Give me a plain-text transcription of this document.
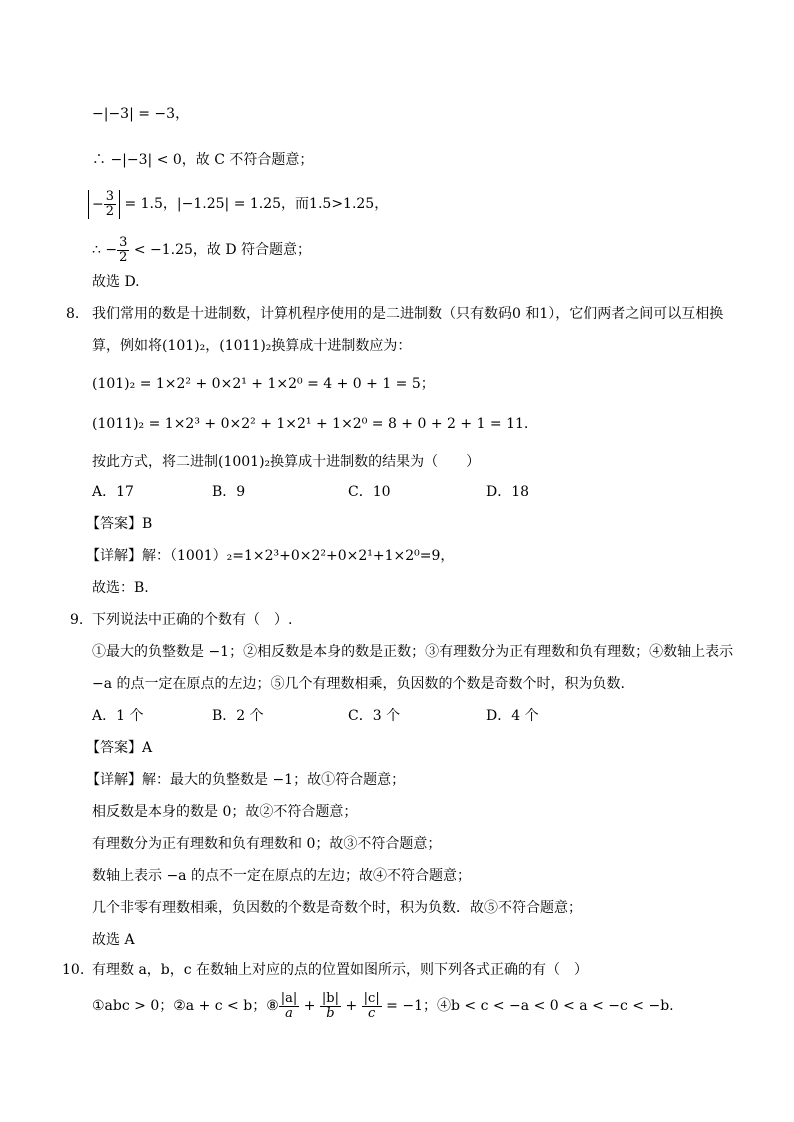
−|−3| = −3，
∴ −|−3| < 0，故 C 不符合题意；
− $\frac{3}{2} = 1.5$，|−1.25| = 1.25，而1.5>1.25，
∴ − $\frac{3}{2} < -1.25$，故 D 符合题意；
故选 D.
8. 我们常用的数是十进制数，计算机程序使用的是二进制数（只有数码0 和1），它们两者之间可以互相换
算，例如将(101)₂，(1011)₂换算成十进制数应为：
(101)₂ = 1×2² + 0×2¹ + 1×2⁰ = 4 + 0 + 1 = 5；
(1011)₂ = 1×2³ + 0×2² + 1×2¹ + 1×2⁰ = 8 + 0 + 2 + 1 = 11.
按此方式，将二进制(1001)₂换算成十进制数的结果为（　　）
A．17	B．9	C．10	D．18
【答案】B
【详解】解：（1001）₂=1×2³+0×2²+0×2¹+1×2⁰=9，
故选：B.
9. 下列说法中正确的个数有（　）.
①最大的负整数是 −1；②相反数是本身的数是正数；③有理数分为正有理数和负有理数；④数轴上表示
−a 的点一定在原点的左边；⑤几个有理数相乘，负因数的个数是奇数个时，积为负数.
A．1 个	B．2 个	C．3 个	D．4 个
【答案】A
【详解】解：最大的负整数是 −1；故①符合题意；
相反数是本身的数是 0；故②不符合题意；
有理数分为正有理数和负有理数和 0；故③不符合题意；
数轴上表示 −a 的点不一定在原点的左边；故④不符合题意；
几个非零有理数相乘，负因数的个数是奇数个时，积为负数．故⑤不符合题意；
故选 A
10. 有理数 a，b，c 在数轴上对应的点的位置如图所示，则下列各式正确的有（　）
①abc > 0；②a + c < b；⑧ $\frac{|a|}{a} + \frac{|b|}{b} + \frac{|c|}{c} = -1$；④b < c < −a < 0 < a < −c < −b.
